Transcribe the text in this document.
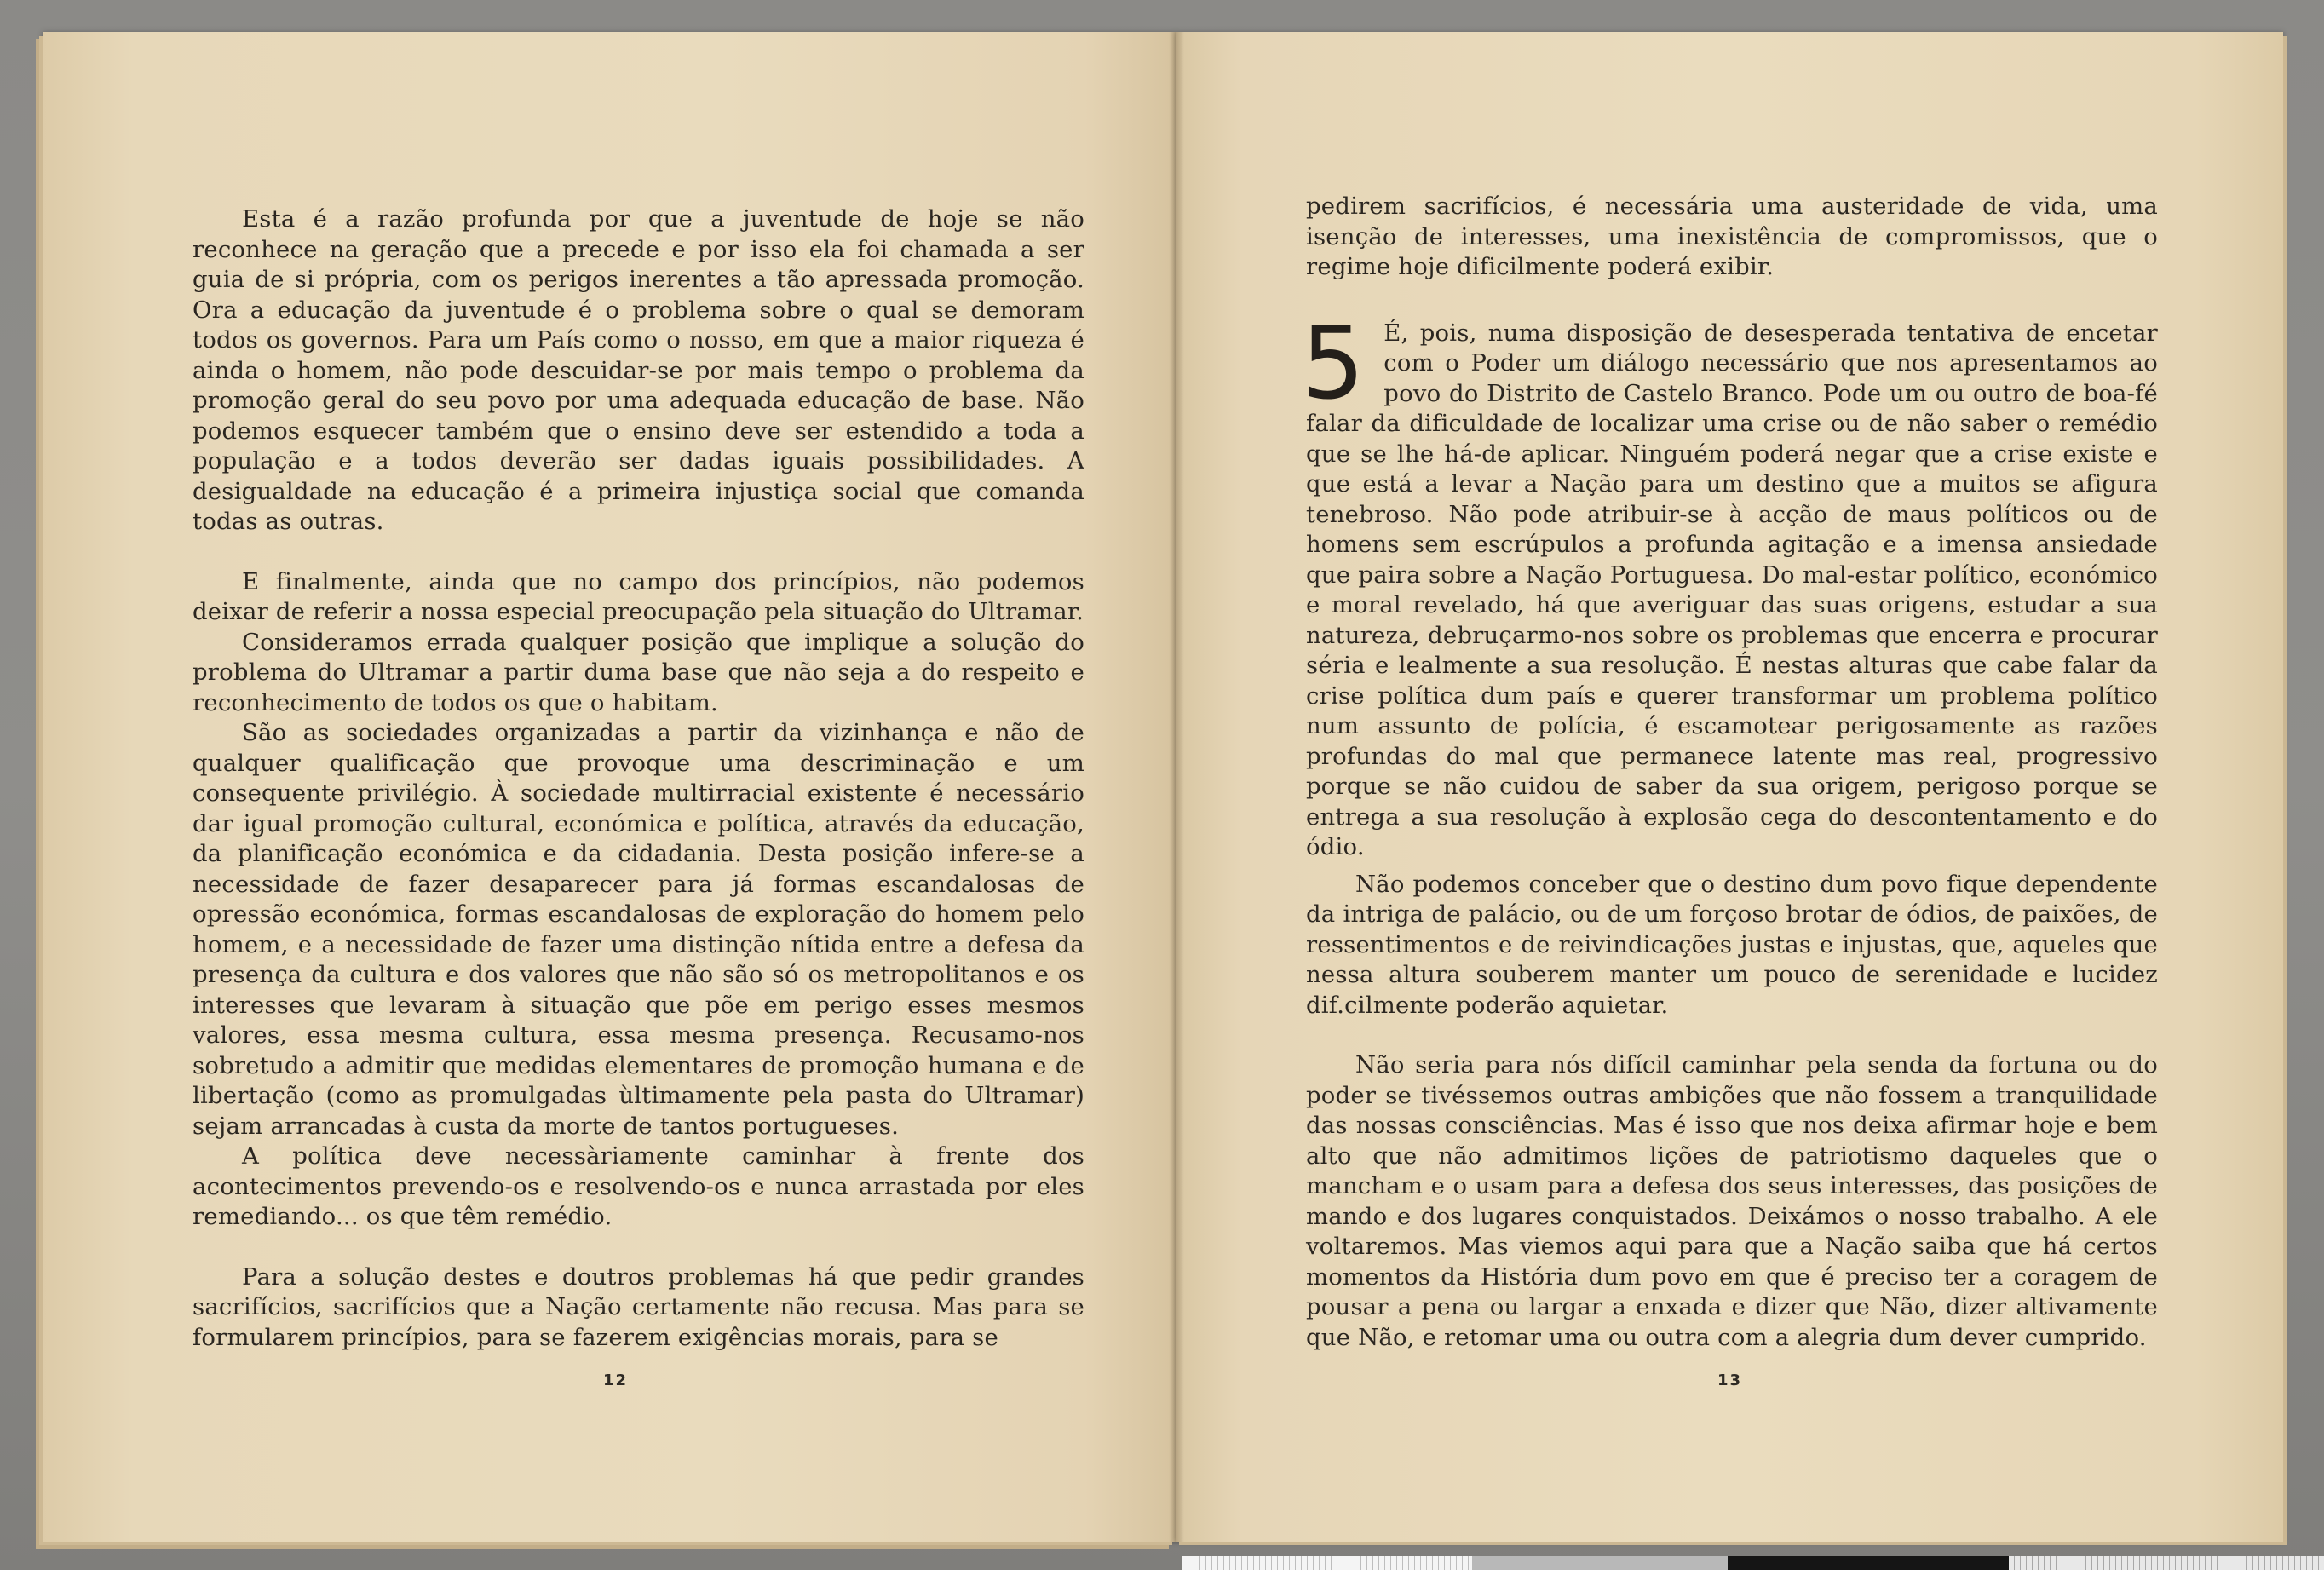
Esta é a razão profunda por que a juventude de hoje se não reconhece na geração que a precede e por isso ela foi chamada a ser guia de si própria, com os perigos inerentes a tão apressada promoção. Ora a educação da juventude é o problema sobre o qual se demoram todos os governos. Para um País como o nosso, em que a maior riqueza é ainda o homem, não pode descuidar-se por mais tempo o problema da promoção geral do seu povo por uma adequada educação de base. Não podemos esquecer também que o ensino deve ser estendido a toda a população e a todos deverão ser dadas iguais possibilidades. A desigualdade na educação é a primeira injustiça social que comanda todas as outras.

E finalmente, ainda que no campo dos princípios, não podemos deixar de referir a nossa especial preocupação pela situação do Ultramar.

Consideramos errada qualquer posição que implique a solução do problema do Ultramar a partir duma base que não seja a do respeito e reconhecimento de todos os que o habitam.

São as sociedades organizadas a partir da vizinhança e não de qualquer qualificação que provoque uma descriminação e um consequente privilégio. À sociedade multirracial existente é necessário dar igual promoção cultural, económica e política, através da educação, da planificação económica e da cidadania. Desta posição infere-se a necessidade de fazer desaparecer para já formas escandalosas de opressão económica, formas escandalosas de exploração do homem pelo homem, e a necessidade de fazer uma distinção nítida entre a defesa da presença da cultura e dos valores que não são só os metropolitanos e os interesses que levaram à situação que põe em perigo esses mesmos valores, essa mesma cultura, essa mesma presença. Recusamo-nos sobretudo a admitir que medidas elementares de promoção humana e de libertação (como as promulgadas ùltimamente pela pasta do Ultramar) sejam arrancadas à custa da morte de tantos portugueses.

A política deve necessàriamente caminhar à frente dos acontecimentos prevendo-os e resolvendo-os e nunca arrastada por eles remediando... os que têm remédio.

Para a solução destes e doutros problemas há que pedir grandes sacrifícios, sacrifícios que a Nação certamente não recusa. Mas para se formularem princípios, para se fazerem exigências morais, para se

12

pedirem sacrifícios, é necessária uma austeridade de vida, uma isenção de interesses, uma inexistência de compromissos, que o regime hoje dificilmente poderá exibir.

5 É, pois, numa disposição de desesperada tentativa de encetar com o Poder um diálogo necessário que nos apresentamos ao povo do Distrito de Castelo Branco. Pode um ou outro de boa-fé falar da dificuldade de localizar uma crise ou de não saber o remédio que se lhe há-de aplicar. Ninguém poderá negar que a crise existe e que está a levar a Nação para um destino que a muitos se afigura tenebroso. Não pode atribuir-se à acção de maus políticos ou de homens sem escrúpulos a profunda agitação e a imensa ansiedade que paira sobre a Nação Portuguesa. Do mal-estar político, económico e moral revelado, há que averiguar das suas origens, estudar a sua natureza, debruçarmo-nos sobre os problemas que encerra e procurar séria e lealmente a sua resolução. É nestas alturas que cabe falar da crise política dum país e querer transformar um problema político num assunto de polícia, é escamotear perigosamente as razões profundas do mal que permanece latente mas real, progressivo porque se não cuidou de saber da sua origem, perigoso porque se entrega a sua resolução à explosão cega do descontentamento e do ódio.

Não podemos conceber que o destino dum povo fique dependente da intriga de palácio, ou de um forçoso brotar de ódios, de paixões, de ressentimentos e de reivindicações justas e injustas, que, aqueles que nessa altura souberem manter um pouco de serenidade e lucidez dif.cilmente poderão aquietar.

Não seria para nós difícil caminhar pela senda da fortuna ou do poder se tivéssemos outras ambições que não fossem a tranquilidade das nossas consciências. Mas é isso que nos deixa afirmar hoje e bem alto que não admitimos lições de patriotismo daqueles que o mancham e o usam para a defesa dos seus interesses, das posições de mando e dos lugares conquistados. Deixámos o nosso trabalho. A ele voltaremos. Mas viemos aqui para que a Nação saiba que há certos momentos da História dum povo em que é preciso ter a coragem de pousar a pena ou largar a enxada e dizer que Não, dizer altivamente que Não, e retomar uma ou outra com a alegria dum dever cumprido.

13
